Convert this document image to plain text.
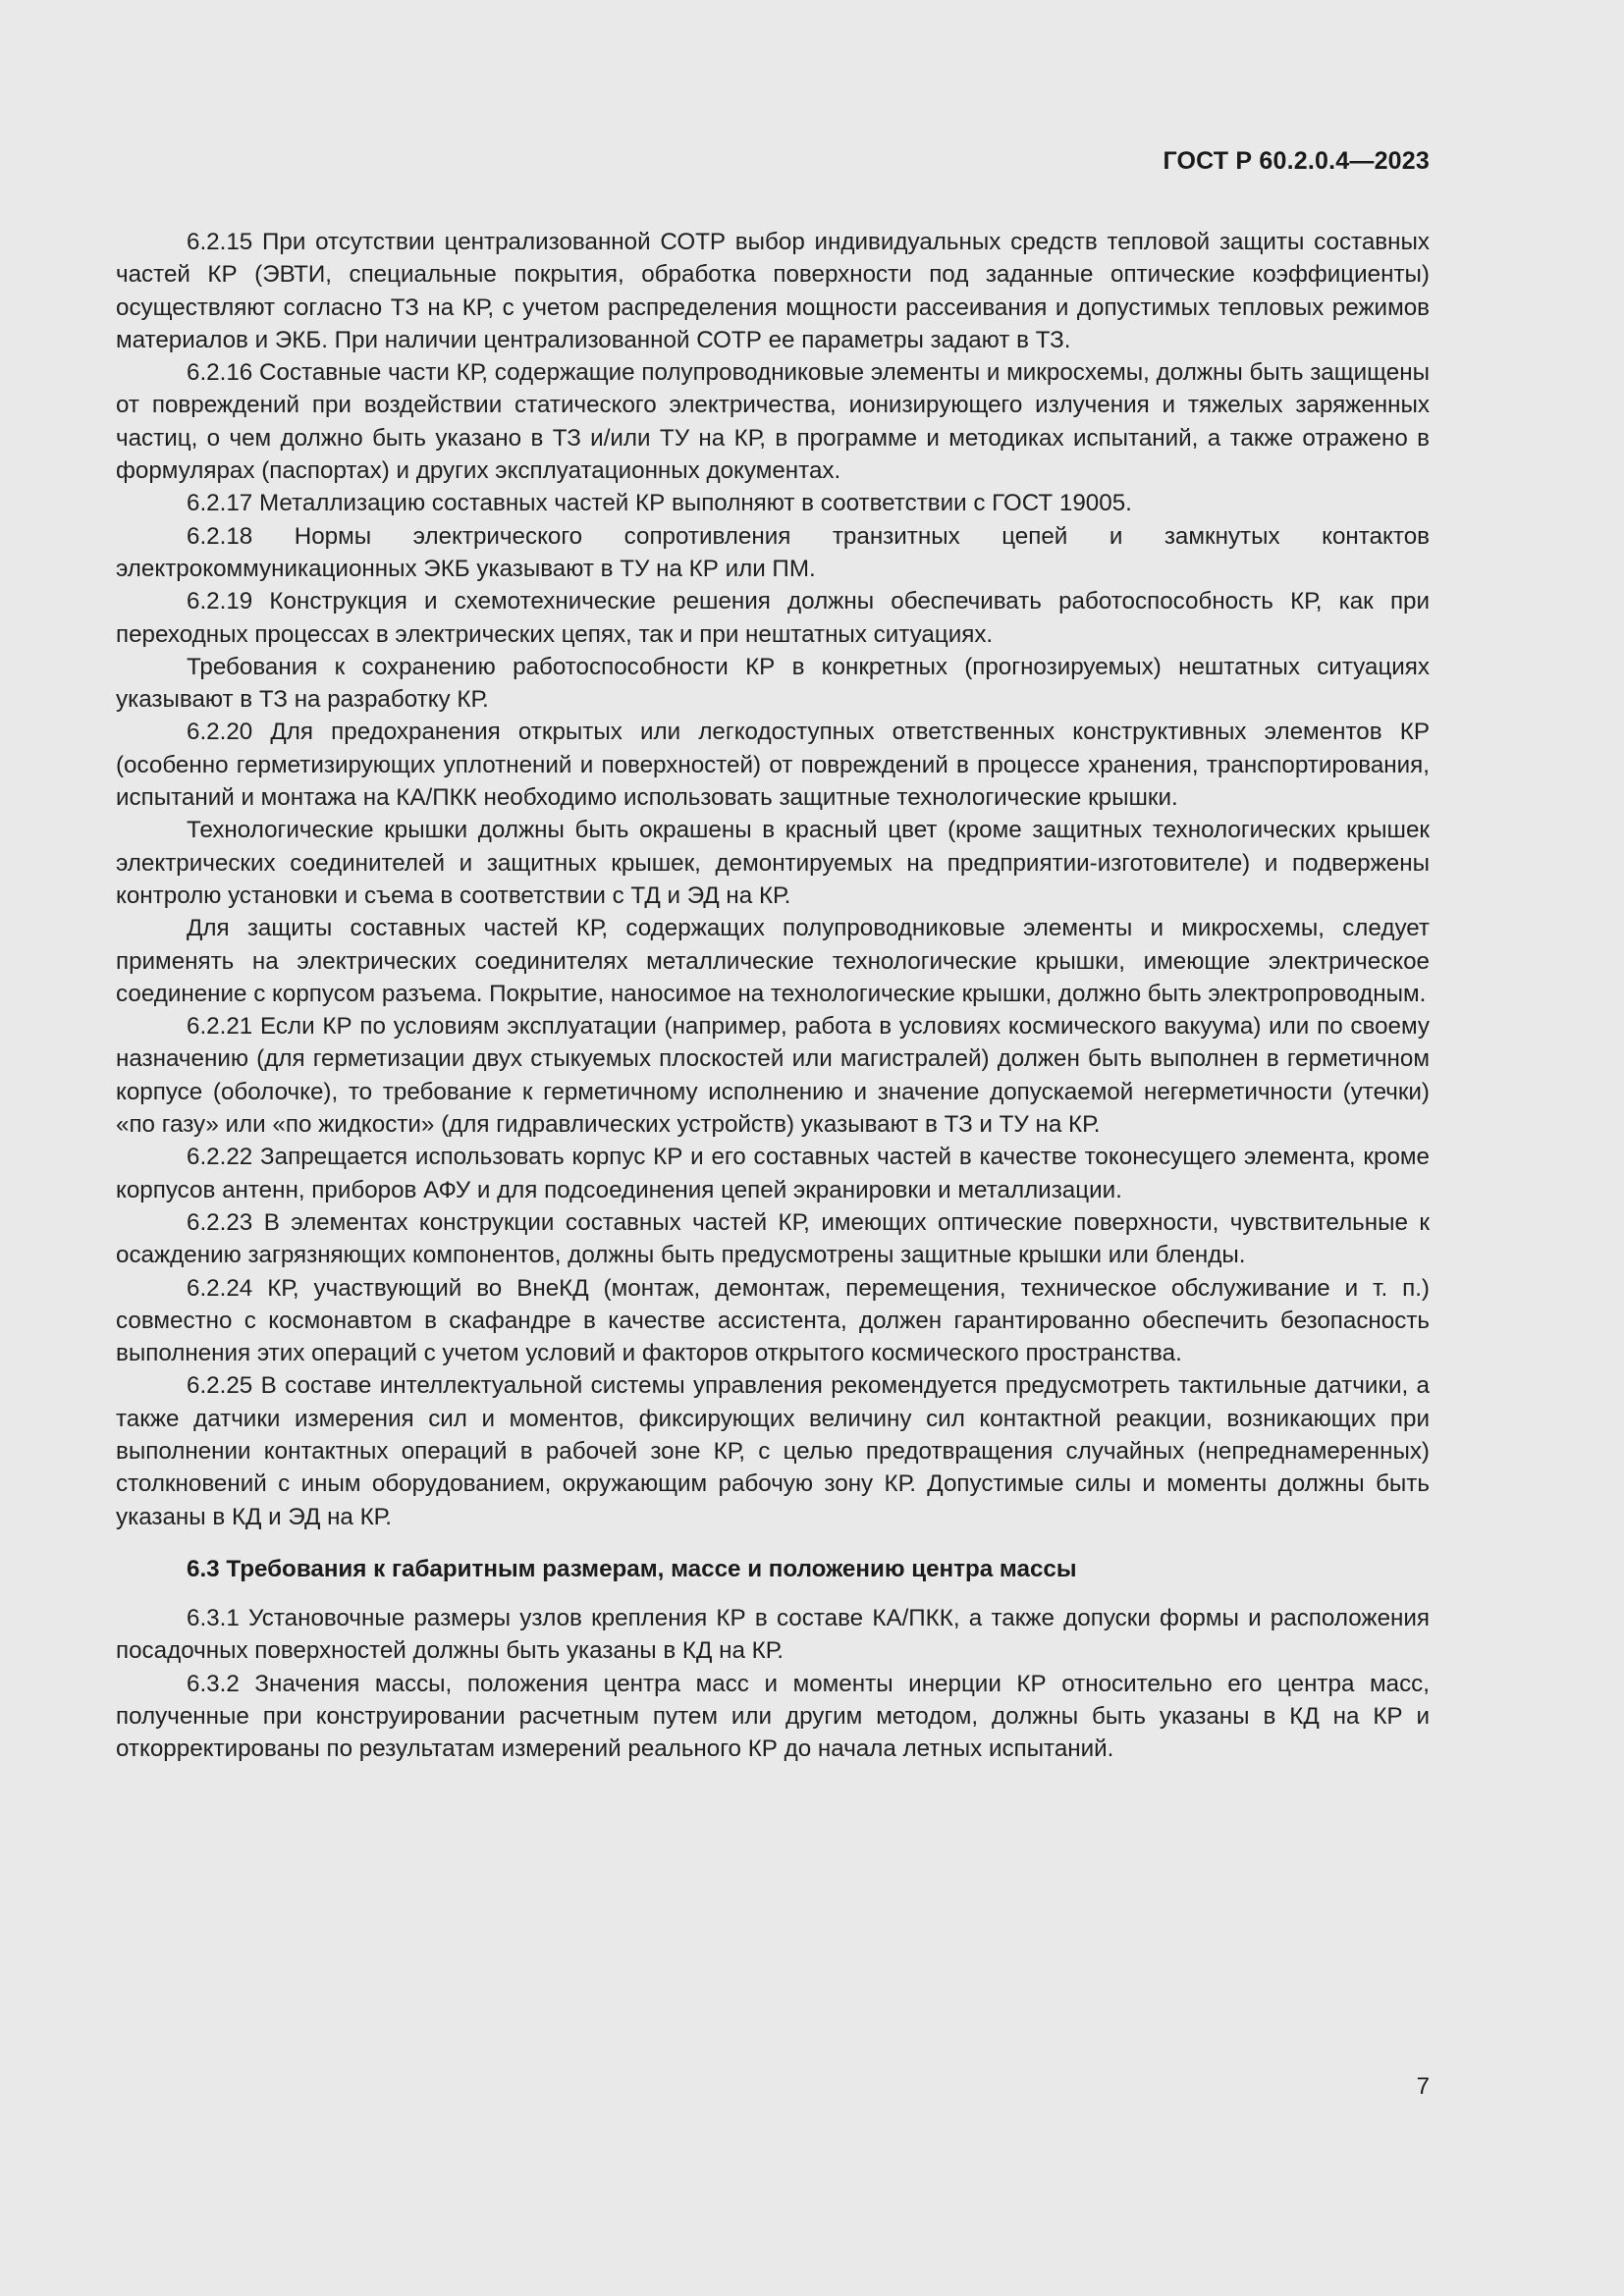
ГОСТ Р 60.2.0.4—2023

6.2.15 При отсутствии централизованной СОТР выбор индивидуальных средств тепловой защиты составных частей КР (ЭВТИ, специальные покрытия, обработка поверхности под заданные оптические коэффициенты) осуществляют согласно ТЗ на КР, с учетом распределения мощности рассеивания и допустимых тепловых режимов материалов и ЭКБ. При наличии централизованной СОТР ее параметры задают в ТЗ.

6.2.16 Составные части КР, содержащие полупроводниковые элементы и микросхемы, должны быть защищены от повреждений при воздействии статического электричества, ионизирующего излучения и тяжелых заряженных частиц, о чем должно быть указано в ТЗ и/или ТУ на КР, в программе и методиках испытаний, а также отражено в формулярах (паспортах) и других эксплуатационных документах.

6.2.17 Металлизацию составных частей КР выполняют в соответствии с ГОСТ 19005.

6.2.18 Нормы электрического сопротивления транзитных цепей и замкнутых контактов электрокоммуникационных ЭКБ указывают в ТУ на КР или ПМ.

6.2.19 Конструкция и схемотехнические решения должны обеспечивать работоспособность КР, как при переходных процессах в электрических цепях, так и при нештатных ситуациях.

Требования к сохранению работоспособности КР в конкретных (прогнозируемых) нештатных ситуациях указывают в ТЗ на разработку КР.

6.2.20 Для предохранения открытых или легкодоступных ответственных конструктивных элементов КР (особенно герметизирующих уплотнений и поверхностей) от повреждений в процессе хранения, транспортирования, испытаний и монтажа на КА/ПКК необходимо использовать защитные технологические крышки.

Технологические крышки должны быть окрашены в красный цвет (кроме защитных технологических крышек электрических соединителей и защитных крышек, демонтируемых на предприятии-изготовителе) и подвержены контролю установки и съема в соответствии с ТД и ЭД на КР.

Для защиты составных частей КР, содержащих полупроводниковые элементы и микросхемы, следует применять на электрических соединителях металлические технологические крышки, имеющие электрическое соединение с корпусом разъема. Покрытие, наносимое на технологические крышки, должно быть электропроводным.

6.2.21 Если КР по условиям эксплуатации (например, работа в условиях космического вакуума) или по своему назначению (для герметизации двух стыкуемых плоскостей или магистралей) должен быть выполнен в герметичном корпусе (оболочке), то требование к герметичному исполнению и значение допускаемой негерметичности (утечки) «по газу» или «по жидкости» (для гидравлических устройств) указывают в ТЗ и ТУ на КР.

6.2.22 Запрещается использовать корпус КР и его составных частей в качестве токонесущего элемента, кроме корпусов антенн, приборов АФУ и для подсоединения цепей экранировки и металлизации.

6.2.23 В элементах конструкции составных частей КР, имеющих оптические поверхности, чувствительные к осаждению загрязняющих компонентов, должны быть предусмотрены защитные крышки или бленды.

6.2.24 КР, участвующий во ВнеКД (монтаж, демонтаж, перемещения, техническое обслуживание и т. п.) совместно с космонавтом в скафандре в качестве ассистента, должен гарантированно обеспечить безопасность выполнения этих операций с учетом условий и факторов открытого космического пространства.

6.2.25 В составе интеллектуальной системы управления рекомендуется предусмотреть тактильные датчики, а также датчики измерения сил и моментов, фиксирующих величину сил контактной реакции, возникающих при выполнении контактных операций в рабочей зоне КР, с целью предотвращения случайных (непреднамеренных) столкновений с иным оборудованием, окружающим рабочую зону КР. Допустимые силы и моменты должны быть указаны в КД и ЭД на КР.

6.3 Требования к габаритным размерам, массе и положению центра массы

6.3.1 Установочные размеры узлов крепления КР в составе КА/ПКК, а также допуски формы и расположения посадочных поверхностей должны быть указаны в КД на КР.

6.3.2 Значения массы, положения центра масс и моменты инерции КР относительно его центра масс, полученные при конструировании расчетным путем или другим методом, должны быть указаны в КД на КР и откорректированы по результатам измерений реального КР до начала летных испытаний.

7
